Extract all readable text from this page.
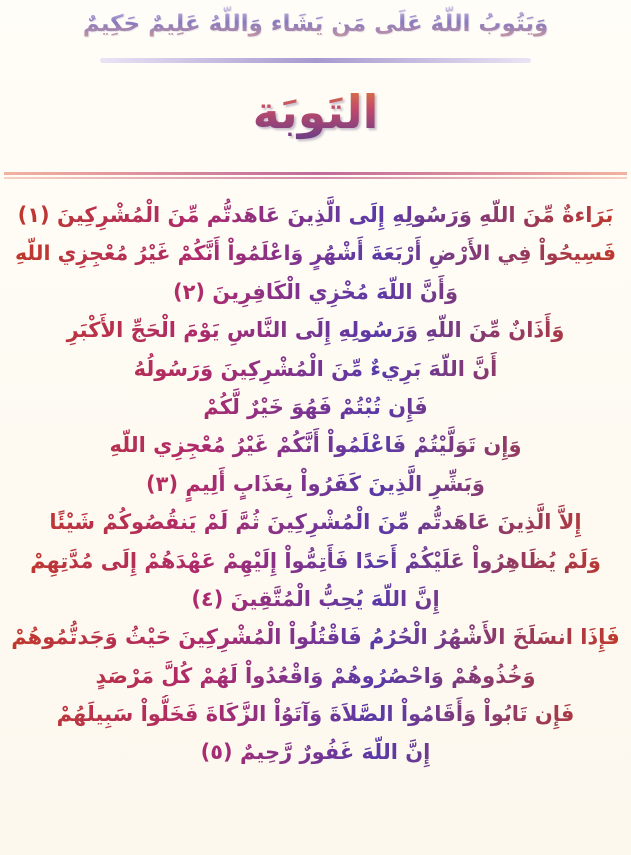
وَيَتُوبُ اللّهُ عَلَى مَن يَشَاء وَاللّهُ عَلِيمٌ حَكِيمٌ
التَوبَة
بَرَاءةٌ مِّنَ اللّهِ وَرَسُولِهِ إِلَى الَّذِينَ عَاهَدتُّم مِّنَ الْمُشْرِكِينَ (١)
فَسِيحُواْ فِي الأَرْضِ أَرْبَعَةَ أَشْهُرٍ وَاعْلَمُواْ أَنَّكُمْ غَيْرُ مُعْجِزِي اللّهِ
وَأَنَّ اللّهَ مُخْزِي الْكَافِرِينَ (٢)
وَأَذَانٌ مِّنَ اللّهِ وَرَسُولِهِ إِلَى النَّاسِ يَوْمَ الْحَجِّ الأَكْبَرِ
أَنَّ اللّهَ بَرِيءٌ مِّنَ الْمُشْرِكِينَ وَرَسُولُهُ
فَإِن تُبْتُمْ فَهُوَ خَيْرٌ لَّكُمْ
وَإِن تَوَلَّيْتُمْ فَاعْلَمُواْ أَنَّكُمْ غَيْرُ مُعْجِزِي اللّهِ
وَبَشِّرِ الَّذِينَ كَفَرُواْ بِعَذَابٍ أَلِيمٍ (٣)
إِلاَّ الَّذِينَ عَاهَدتُّم مِّنَ الْمُشْرِكِينَ ثُمَّ لَمْ يَنقُصُوكُمْ شَيْئًا
وَلَمْ يُظَاهِرُواْ عَلَيْكُمْ أَحَدًا فَأَتِمُّواْ إِلَيْهِمْ عَهْدَهُمْ إِلَى مُدَّتِهِمْ
إِنَّ اللّهَ يُحِبُّ الْمُتَّقِينَ (٤)
فَإِذَا انسَلَخَ الأَشْهُرُ الْحُرُمُ فَاقْتُلُواْ الْمُشْرِكِينَ حَيْثُ وَجَدتُّمُوهُمْ
وَخُذُوهُمْ وَاحْصُرُوهُمْ وَاقْعُدُواْ لَهُمْ كُلَّ مَرْصَدٍ
فَإِن تَابُواْ وَأَقَامُواْ الصَّلاَةَ وَآتَوُاْ الزَّكَاةَ فَخَلُّواْ سَبِيلَهُمْ
إِنَّ اللّهَ غَفُورٌ رَّحِيمٌ (٥)
